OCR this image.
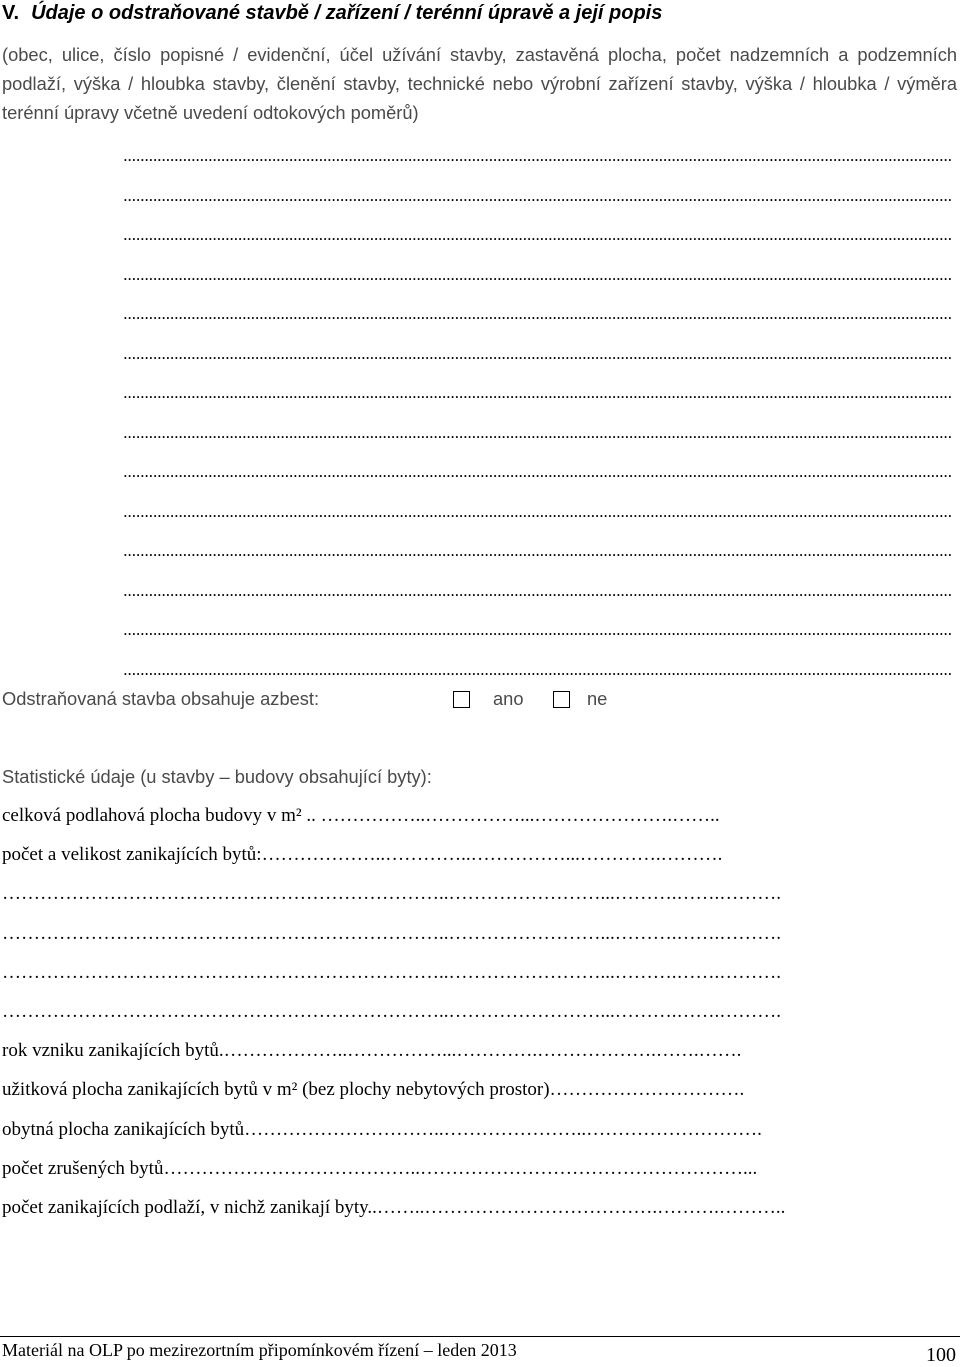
V. Údaje o odstraňované stavbě / zařízení / terénní úpravě a její popis
(obec, ulice, číslo popisné / evidenční, účel užívání stavby, zastavěná plocha, počet nadzemních a podzemních podlaží, výška / hloubka stavby, členění stavby, technické nebo výrobní zařízení stavby, výška / hloubka / výměra terénní úpravy včetně uvedení odtokových poměrů)
...................................................................................................................................................................................................
...................................................................................................................................................................................................
...................................................................................................................................................................................................
...................................................................................................................................................................................................
...................................................................................................................................................................................................
...................................................................................................................................................................................................
...................................................................................................................................................................................................
...................................................................................................................................................................................................
...................................................................................................................................................................................................
...................................................................................................................................................................................................
...................................................................................................................................................................................................
...................................................................................................................................................................................................
...................................................................................................................................................................................................
...................................................................................................................................................................................................
Odstraňovaná stavba obsahuje azbest:	ano	ne
Statistické údaje (u stavby – budovy obsahující byty):
celková podlahová plocha budovy v m² .. ……………..……………...………………….……..
počet a velikost zanikajících bytů:………………..…………..……………...………….……….
……………………………………………………………..……………………...……….…….……….
……………………………………………………………..……………………...……….…….……….
……………………………………………………………..……………………...……….…….……….
……………………………………………………………..……………………...……….…….……….
rok vzniku zanikajících bytů.………………..……………...………….……………….…….…….
užitková plocha zanikajících bytů v m² (bez plochy nebytových prostor)………………………….
obytná plocha zanikajících bytů…………………………..…………………..……………………….
počet zrušených bytů…………………………………..……………………………………………...
počet zanikajících podlaží, v nichž zanikají byty..……..……………………………….……….………..
Materiál na OLP po mezirezortním připomínkovém řízení – leden 2013	100
